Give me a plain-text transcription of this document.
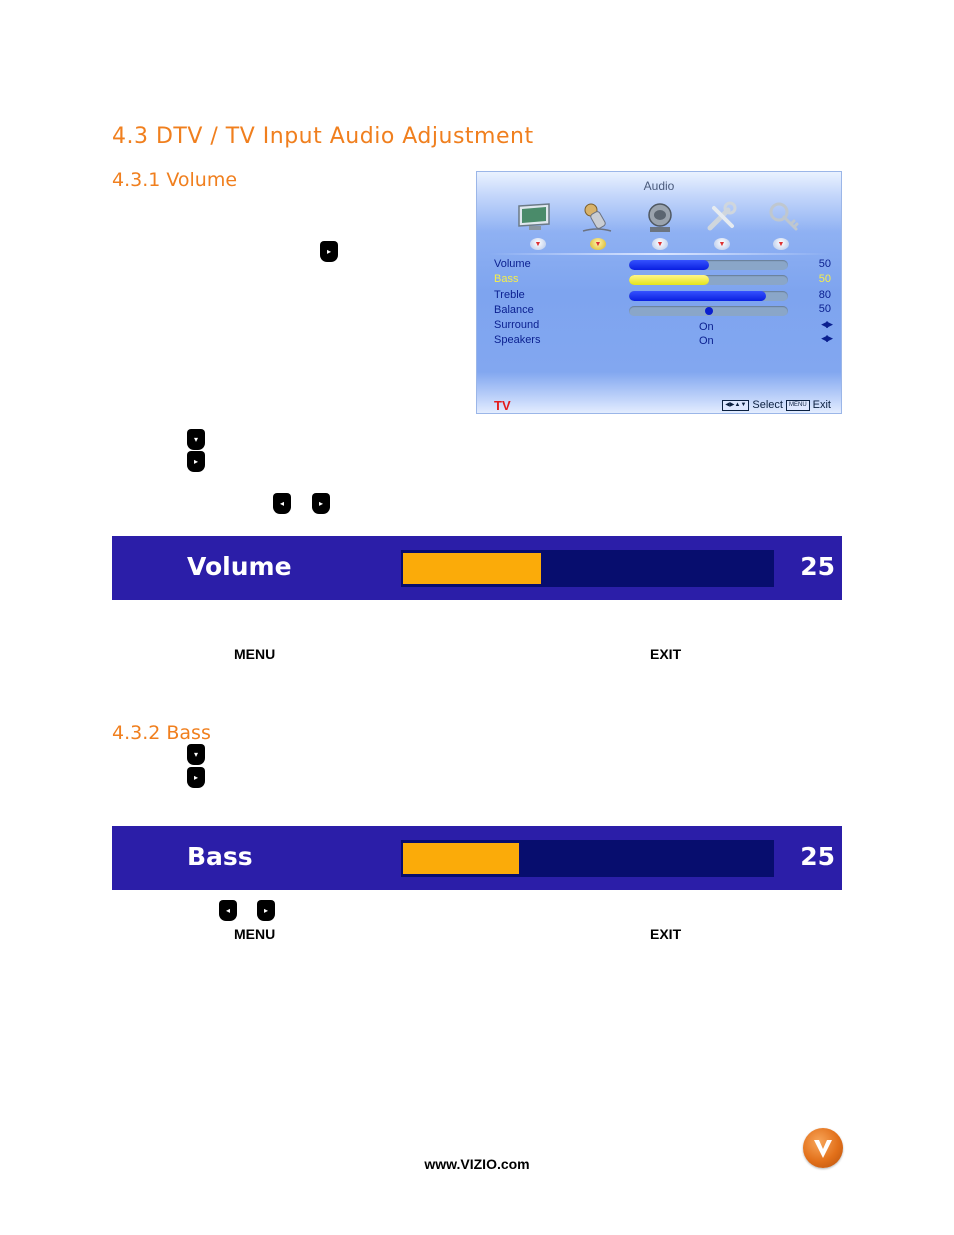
4.3 DTV / TV Input Audio Adjustment
4.3.1 Volume
▸
▾
▸
◂	▸
Audio
▼	▼	▼	▼	▼
Volume	50
Bass	50
Treble	80
Balance	50
Surround	On	◀▶
Speakers	On	◀▶
TV	◀▶▲▼ Select	MENU Exit
Volume	25
MENU	EXIT
4.3.2 Bass
▾
▸
Bass	25
◂	▸
MENU	EXIT
www.VIZIO.com
